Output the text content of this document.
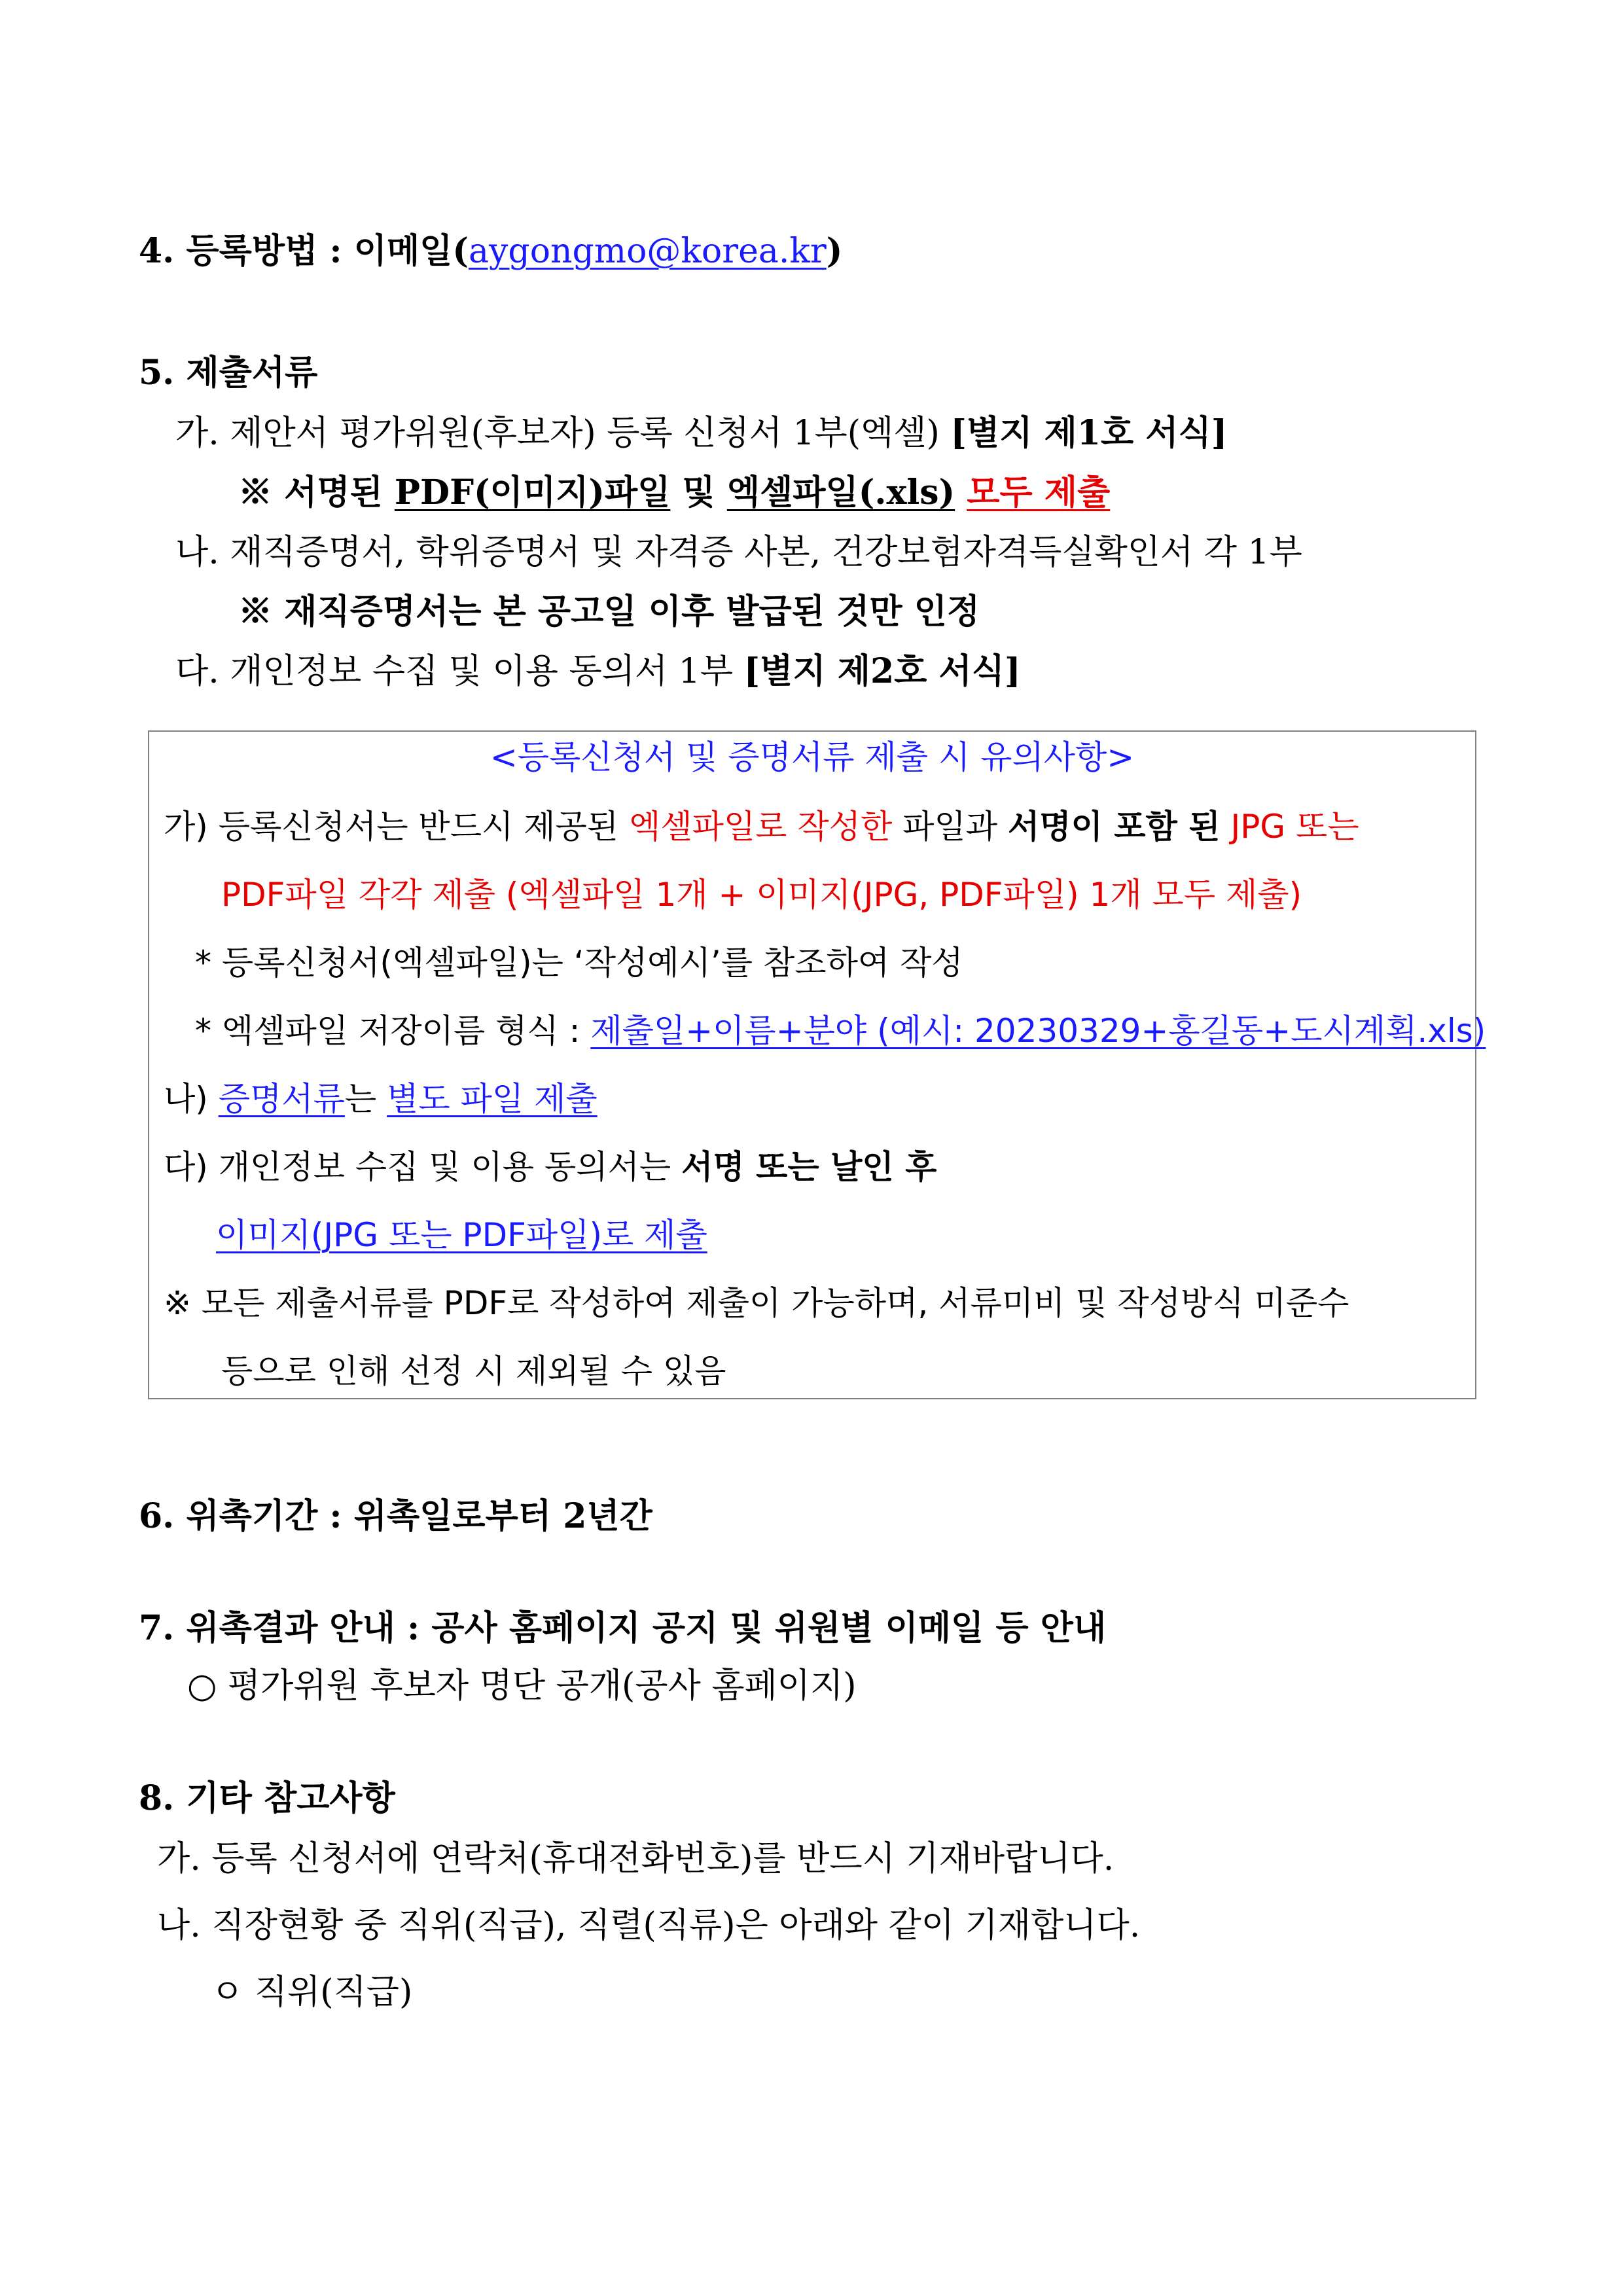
4. 등록방법 : 이메일(aygongmo@korea.kr)
5. 제출서류
가. 제안서 평가위원(후보자) 등록 신청서 1부(엑셀) [별지 제1호 서식]
※ 서명된 PDF(이미지)파일 및 엑셀파일(.xls) 모두 제출
나. 재직증명서, 학위증명서 및 자격증 사본, 건강보험자격득실확인서 각 1부
※ 재직증명서는 본 공고일 이후 발급된 것만 인정
다. 개인정보 수집 및 이용 동의서 1부 [별지 제2호 서식]
<등록신청서 및 증명서류 제출 시 유의사항>
가) 등록신청서는 반드시 제공된 엑셀파일로 작성한 파일과 서명이 포함 된 JPG 또는
PDF파일 각각 제출 (엑셀파일 1개 + 이미지(JPG, PDF파일) 1개 모두 제출)
* 등록신청서(엑셀파일)는 ‘작성예시’를 참조하여 작성
* 엑셀파일 저장이름 형식 : 제출일+이름+분야 (예시: 20230329+홍길동+도시계획.xls)
나) 증명서류는 별도 파일 제출
다) 개인정보 수집 및 이용 동의서는 서명 또는 날인 후
이미지(JPG 또는 PDF파일)로 제출
※ 모든 제출서류를 PDF로 작성하여 제출이 가능하며, 서류미비 및 작성방식 미준수
등으로 인해 선정 시 제외될 수 있음
6. 위촉기간 : 위촉일로부터 2년간
7. 위촉결과 안내 : 공사 홈페이지 공지 및 위원별 이메일 등 안내
○ 평가위원 후보자 명단 공개(공사 홈페이지)
8. 기타 참고사항
가. 등록 신청서에 연락처(휴대전화번호)를 반드시 기재바랍니다.
나. 직장현황 중 직위(직급), 직렬(직류)은 아래와 같이 기재합니다.
ㅇ 직위(직급)
